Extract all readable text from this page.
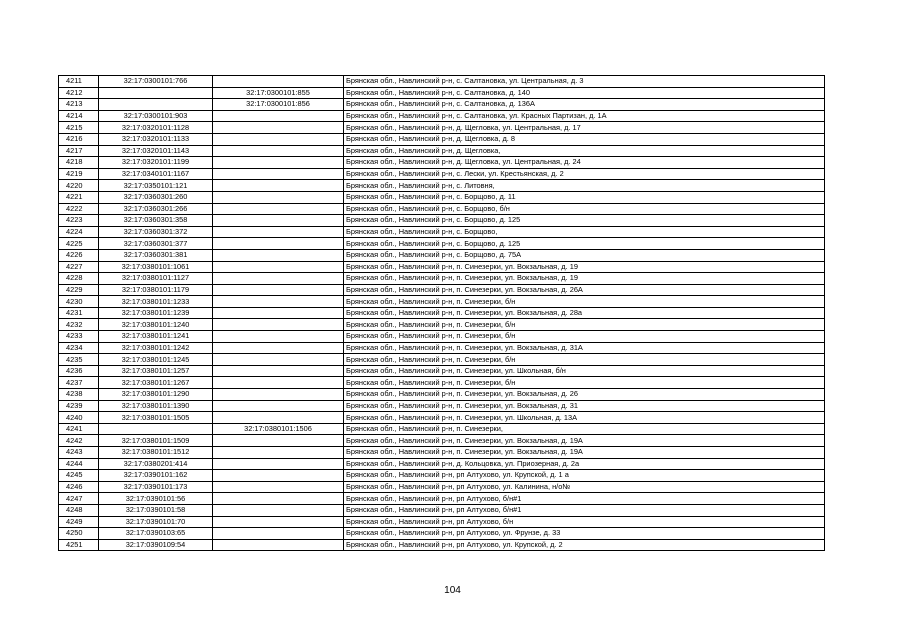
4211	32:17:0300101:766		Брянская обл., Навлинский р-н, с. Салтановка, ул. Центральная, д. 3
4212		32:17:0300101:855	Брянская обл., Навлинский р-н, с. Салтановка, д. 140
4213		32:17:0300101:856	Брянская обл., Навлинский р-н, с. Салтановка, д. 136А
4214	32:17:0300101:903		Брянская обл., Навлинский р-н, с. Салтановка, ул. Красных Партизан, д. 1А
4215	32:17:0320101:1128		Брянская обл., Навлинский р-н, д. Щегловка, ул. Центральная, д. 17
4216	32:17:0320101:1133		Брянская обл., Навлинский р-н, д. Щегловка, д. 8
4217	32:17:0320101:1143		Брянская обл., Навлинский р-н, д. Щегловка,
4218	32:17:0320101:1199		Брянская обл., Навлинский р-н, д. Щегловка, ул. Центральная, д. 24
4219	32:17:0340101:1167		Брянская обл., Навлинский р-н, с. Лески, ул. Крестьянская, д. 2
4220	32:17:0350101:121		Брянская обл., Навлинский р-н, с. Литовня,
4221	32:17:0360301:260		Брянская обл., Навлинский р-н, с. Борщово, д. 11
4222	32:17:0360301:266		Брянская обл., Навлинский р-н, с. Борщово, б/н
4223	32:17:0360301:358		Брянская обл., Навлинский р-н, с. Борщово, д. 125
4224	32:17:0360301:372		Брянская обл., Навлинский р-н, с. Борщово,
4225	32:17:0360301:377		Брянская обл., Навлинский р-н, с. Борщово, д. 125
4226	32:17:0360301:381		Брянская обл., Навлинский р-н, с. Борщово, д. 75А
4227	32:17:0380101:1061		Брянская обл., Навлинский р-н, п. Синезерки, ул. Вокзальная, д. 19
4228	32:17:0380101:1127		Брянская обл., Навлинский р-н, п. Синезерки, ул. Вокзальная, д. 19
4229	32:17:0380101:1179		Брянская обл., Навлинский р-н, п. Синезерки, ул. Вокзальная, д. 26А
4230	32:17:0380101:1233		Брянская обл., Навлинский р-н, п. Синезерки, б/н
4231	32:17:0380101:1239		Брянская обл., Навлинский р-н, п. Синезерки, ул. Вокзальная, д. 28а
4232	32:17:0380101:1240		Брянская обл., Навлинский р-н, п. Синезерки, б/н
4233	32:17:0380101:1241		Брянская обл., Навлинский р-н, п. Синезерки, б/н
4234	32:17:0380101:1242		Брянская обл., Навлинский р-н, п. Синезерки, ул. Вокзальная, д. 31А
4235	32:17:0380101:1245		Брянская обл., Навлинский р-н, п. Синезерки, б/н
4236	32:17:0380101:1257		Брянская обл., Навлинский р-н, п. Синезерки, ул. Школьная, б/н
4237	32:17:0380101:1267		Брянская обл., Навлинский р-н, п. Синезерки, б/н
4238	32:17:0380101:1290		Брянская обл., Навлинский р-н, п. Синезерки, ул. Вокзальная, д. 26
4239	32:17:0380101:1390		Брянская обл., Навлинский р-н, п. Синезерки, ул. Вокзальная, д. 31
4240	32:17:0380101:1505		Брянская обл., Навлинский р-н, п. Синезерки, ул. Школьная, д. 13А
4241		32:17:0380101:1506	Брянская обл., Навлинский р-н, п. Синезерки,
4242	32:17:0380101:1509		Брянская обл., Навлинский р-н, п. Синезерки, ул. Вокзальная, д. 19А
4243	32:17:0380101:1512		Брянская обл., Навлинский р-н, п. Синезерки, ул. Вокзальная, д. 19А
4244	32:17:0380201:414		Брянская обл., Навлинский р-н, д. Кольцовка, ул. Приозерная, д. 2а
4245	32:17:0390101:162		Брянская обл., Навлинский р-н, рп Алтухово, ул. Крупской, д. 1 а
4246	32:17:0390101:173		Брянская обл., Навлинский р-н, рп Алтухово, ул. Калинина, н/о№
4247	32:17:0390101:56		Брянская обл., Навлинский р-н, рп Алтухово, б/н#1
4248	32:17:0390101:58		Брянская обл., Навлинский р-н, рп Алтухово, б/н#1
4249	32:17:0390101:70		Брянская обл., Навлинский р-н, рп Алтухово, б/н
4250	32:17:0390103:65		Брянская обл., Навлинский р-н, рп Алтухово, ул. Фрунзе, д. 33
4251	32:17:0390109:54		Брянская обл., Навлинский р-н, рп Алтухово, ул. Крупской, д. 2
104
